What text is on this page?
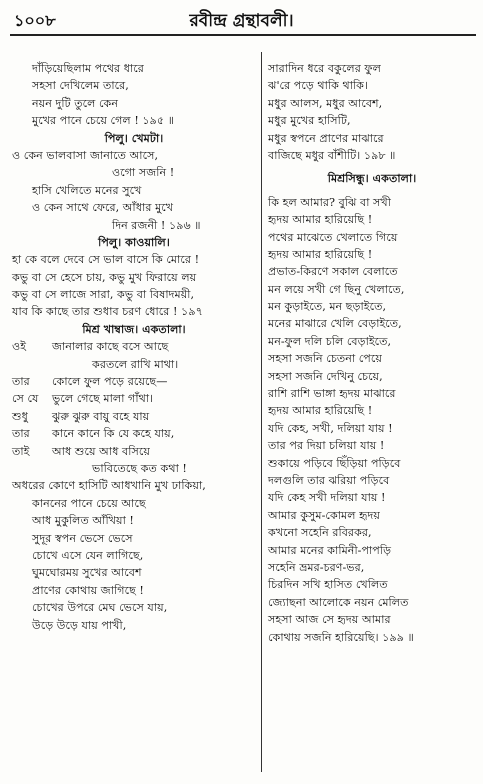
১০০৮	রবীন্দ্র গ্রন্থাবলী।
দাঁড়িয়েছিলাম পথের ধারে
সহসা দেখিলেম তারে,
নয়ন দুটি তুলে কেন
মুখের পানে চেয়ে গেল ! ১৯৫ ॥
পিলু। খেমটা।
ও কেন ভালবাসা জানাতে আসে,
ওগো সজনি !
হাসি খেলিতে মনের সুখে
ও কেন সাথে ফেরে, আঁধার মুখে
দিন রজনী ! ১৯৬ ॥
পিলু। কাওয়ালি।
হা কে বলে দেবে সে ভাল বাসে কি মোরে !
কভু বা সে হেসে চায়, কভু মুখ ফিরায়ে লয়
কভু বা সে লাজে সারা, কভু বা বিষাদময়ী,
যাব কি কাছে তার শুধাব চরণ ধোরে ! ১৯৭
মিশ্র খাম্বাজ। একতালা।
ওই জানালার কাছে বসে আছে
করতলে রাখি মাথা।
তার কোলে ফুল পড়ে রয়েছে—
সে যে ভুলে গেছে মালা গাঁথা।
শুধু ঝুরু ঝুরু বায়ু বহে যায়
তার কানে কানে কি যে কহে যায়,
তাই আধ শুয়ে আধ বসিয়ে
ভাবিতেছে কত কথা !
অধরের কোণে হাসিটি আধখানি মুখ ঢাকিয়া,
কাননের পানে চেয়ে আছে
আধ মুকুলিত আঁখিয়া !
সুদূর স্বপন ভেসে ভেসে
চোখে এসে যেন লাগিছে,
ঘুমঘোরময় সুখের আবেশ
প্রাণের কোথায় জাগিছে !
চোখের উপরে মেঘ ভেসে যায়,
উড়ে উড়ে যায় পাখী,
সারাদিন ধরে বকুলের ফুল
ঝ'রে পড়ে থাকি থাকি।
মধুর আলস, মধুর আবেশ,
মধুর মুখের হাসিটি,
মধুর স্বপনে প্রাণের মাঝারে
বাজিছে মধুর বাঁশীটি। ১৯৮ ॥
মিশ্রসিন্ধু। একতালা।
কি হল আমার? বুঝি বা সখী
হৃদয় আমার হারিয়েছি !
পথের মাঝেতে খেলাতে গিয়ে
হৃদয় আমার হারিয়েছি !
প্রভাত-কিরণে সকাল বেলাতে
মন লয়ে সখী গে ছিনু খেলাতে,
মন কুড়াইতে, মন ছড়াইতে,
মনের মাঝারে খেলি বেড়াইতে,
মন-ফুল দলি চলি বেড়াইতে,
সহসা সজনি চেতনা পেয়ে
সহসা সজনি দেখিনু চেয়ে,
রাশি রাশি ভাঙ্গা হৃদয় মাঝারে
হৃদয় আমার হারিয়েছি !
যদি কেহ, সখী, দলিয়া যায় !
তার পর দিয়া চলিয়া যায় !
শুকায়ে পড়িবে ছিঁড়িয়া পড়িবে
দলগুলি তার ঝরিয়া পড়িবে
যদি কেহ সখী দলিয়া যায় !
আমার কুসুম-কোমল হৃদয়
কখনো সহেনি রবিরকর,
আমার মনের কামিনী-পাপড়ি
সহেনি ভ্রমর-চরণ-ভর,
চিরদিন সখি হাসিত খেলিত
জ্যোছনা আলোকে নয়ন মেলিত
সহসা আজ সে হৃদয় আমার
কোথায় সজনি হারিয়েছি। ১৯৯ ॥
